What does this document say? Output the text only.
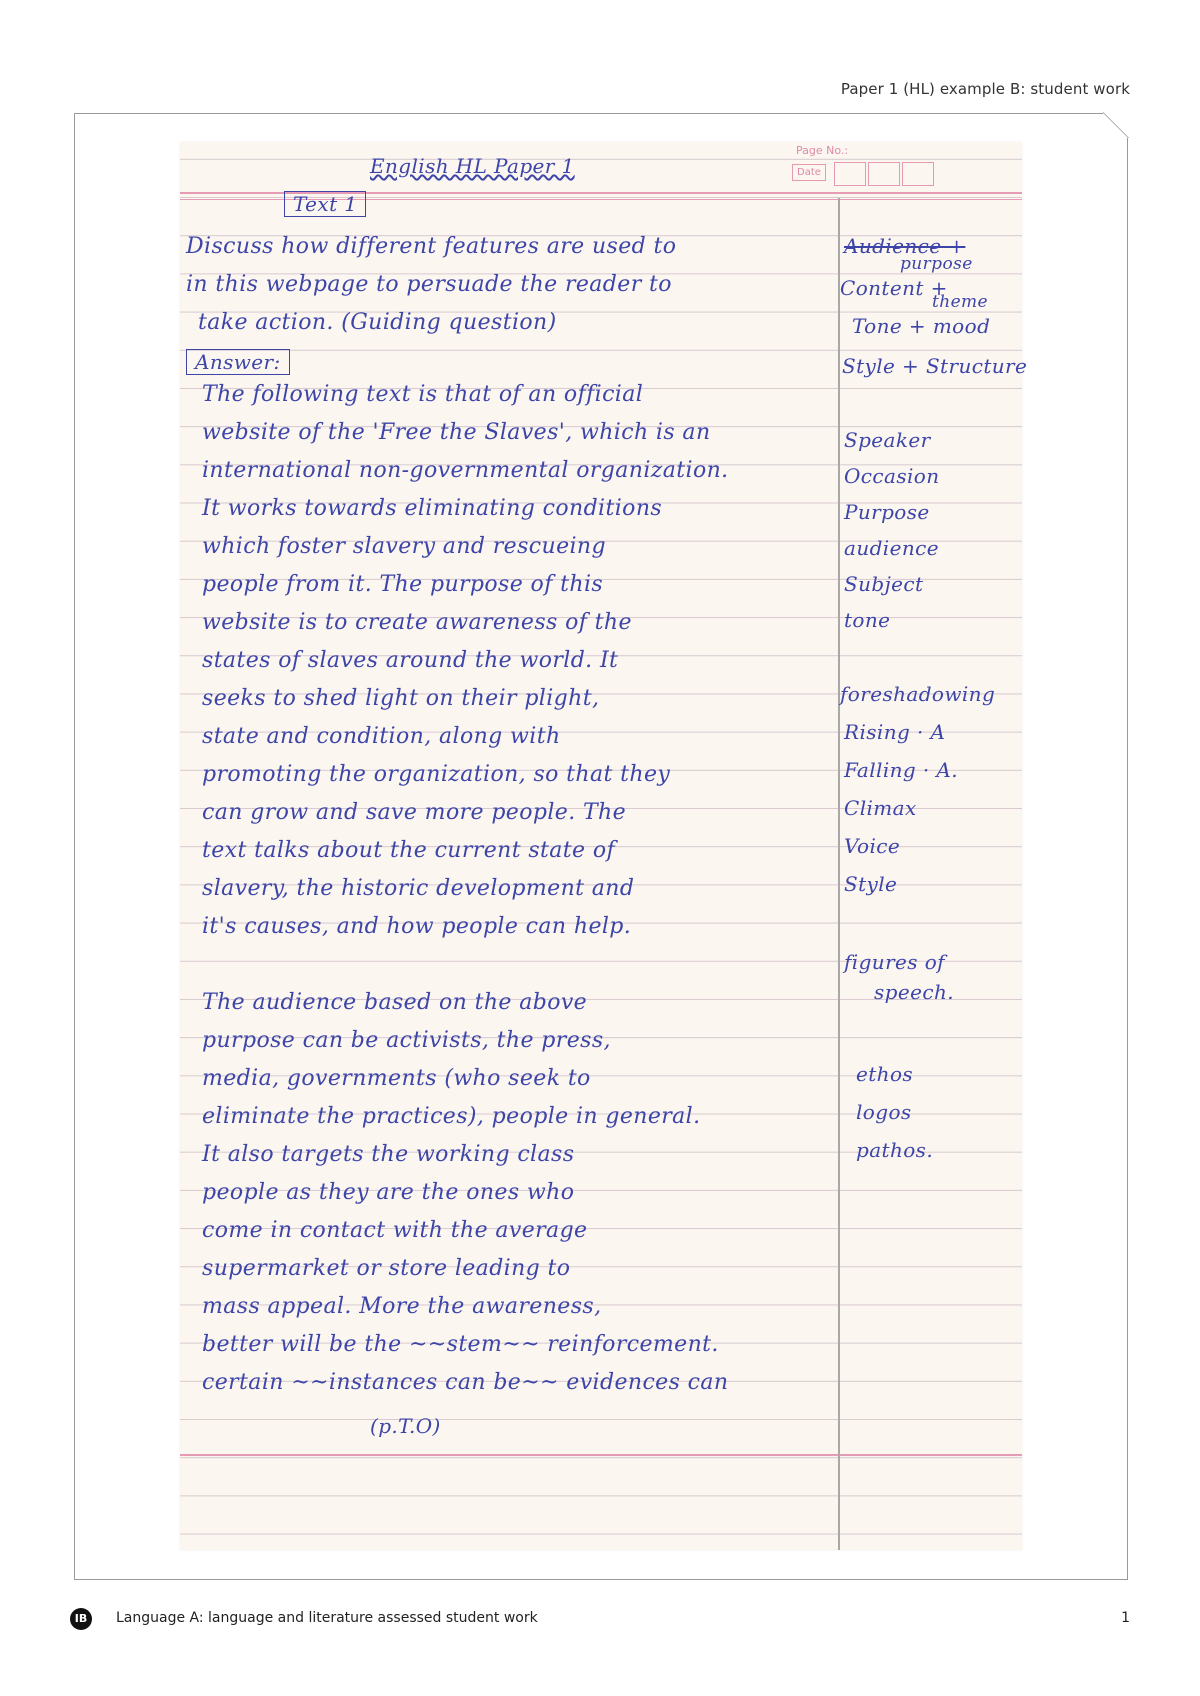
Paper 1 (HL) example B: student work
Page No.:
Date
English HL Paper 1
Text 1
Discuss how different features are used to
in this webpage to persuade the reader to
take action. (Guiding question)
Answer:
The following text is that of an official
website of the 'Free the Slaves', which is an
international non-governmental organization.
It works towards eliminating conditions
which foster slavery and rescueing
people from it. The purpose of this
website is to create awareness of the
states of slaves around the world. It
seeks to shed light on their plight,
state and condition, along with
promoting the organization, so that they
can grow and save more people. The
text talks about the current state of
slavery, the historic development and
it's causes, and how people can help.
The audience based on the above
purpose can be activists, the press,
media, governments (who seek to
eliminate the practices), people in general.
It also targets the working class
people as they are the ones who
come in contact with the average
supermarket or store leading to
mass appeal. More the awareness,
better will be the ~~stem~~ reinforcement.
certain ~~instances can be~~ evidences can
(p.T.O)
Audience +
purpose
Content +
theme
Tone + mood
Style + Structure
Speaker
Occasion
Purpose
audience
Subject
tone
foreshadowing
Rising · A
Falling · A.
Climax
Voice
Style
figures of
speech.
ethos
logos
pathos.
IB	Language A: language and literature assessed student work	1
